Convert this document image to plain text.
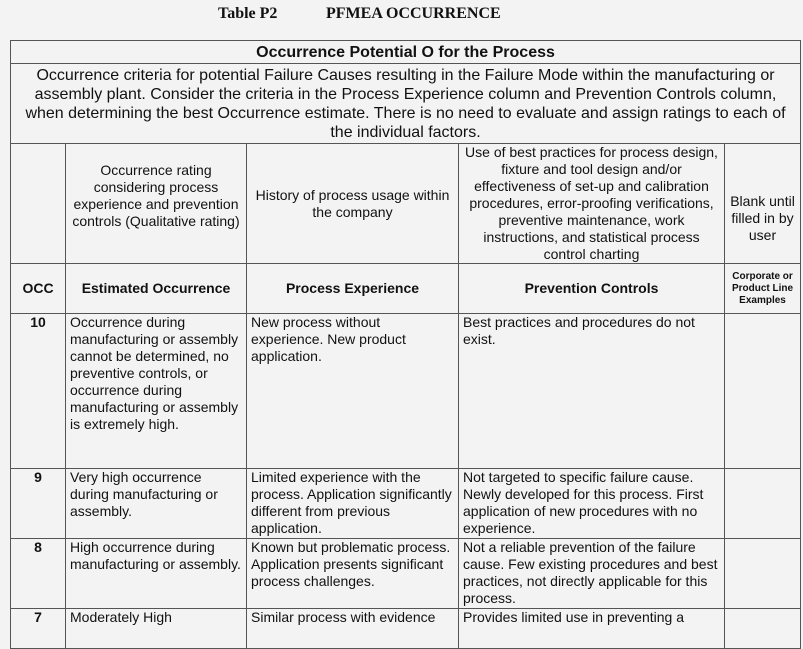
Table P2	PFMEA OCCURRENCE
Occurrence Potential O for the Process				
Occurrence criteria for potential Failure Causes resulting in the Failure Mode within the manufacturing or assembly plant. Consider the criteria in the Process Experience column and Prevention Controls column, when determining the best Occurrence estimate. There is no need to evaluate and assign ratings to each of the individual factors.				
	Occurrence rating considering process experience and prevention controls (Qualitative rating)	History of process usage within the company	Use of best practices for process design, fixture and tool design and/or effectiveness of set-up and calibration procedures, error-proofing verifications, preventive maintenance, work instructions, and statistical process control charting	Blank until filled in by user
OCC	Estimated Occurrence	Process Experience	Prevention Controls	Corporate or Product Line Examples
10	Occurrence during manufacturing or assembly cannot be determined, no preventive controls, or occurrence during manufacturing or assembly is extremely high.	New process without experience. New product application.	Best practices and procedures do not exist.	
9	Very high occurrence during manufacturing or assembly.	Limited experience with the process. Application significantly different from previous application.	Not targeted to specific failure cause. Newly developed for this process. First application of new procedures with no experience.	
8	High occurrence during manufacturing or assembly.	Known but problematic process. Application presents significant process challenges.	Not a reliable prevention of the failure cause. Few existing procedures and best practices, not directly applicable for this process.	
7	Moderately High	Similar process with evidence	Provides limited use in preventing a	
